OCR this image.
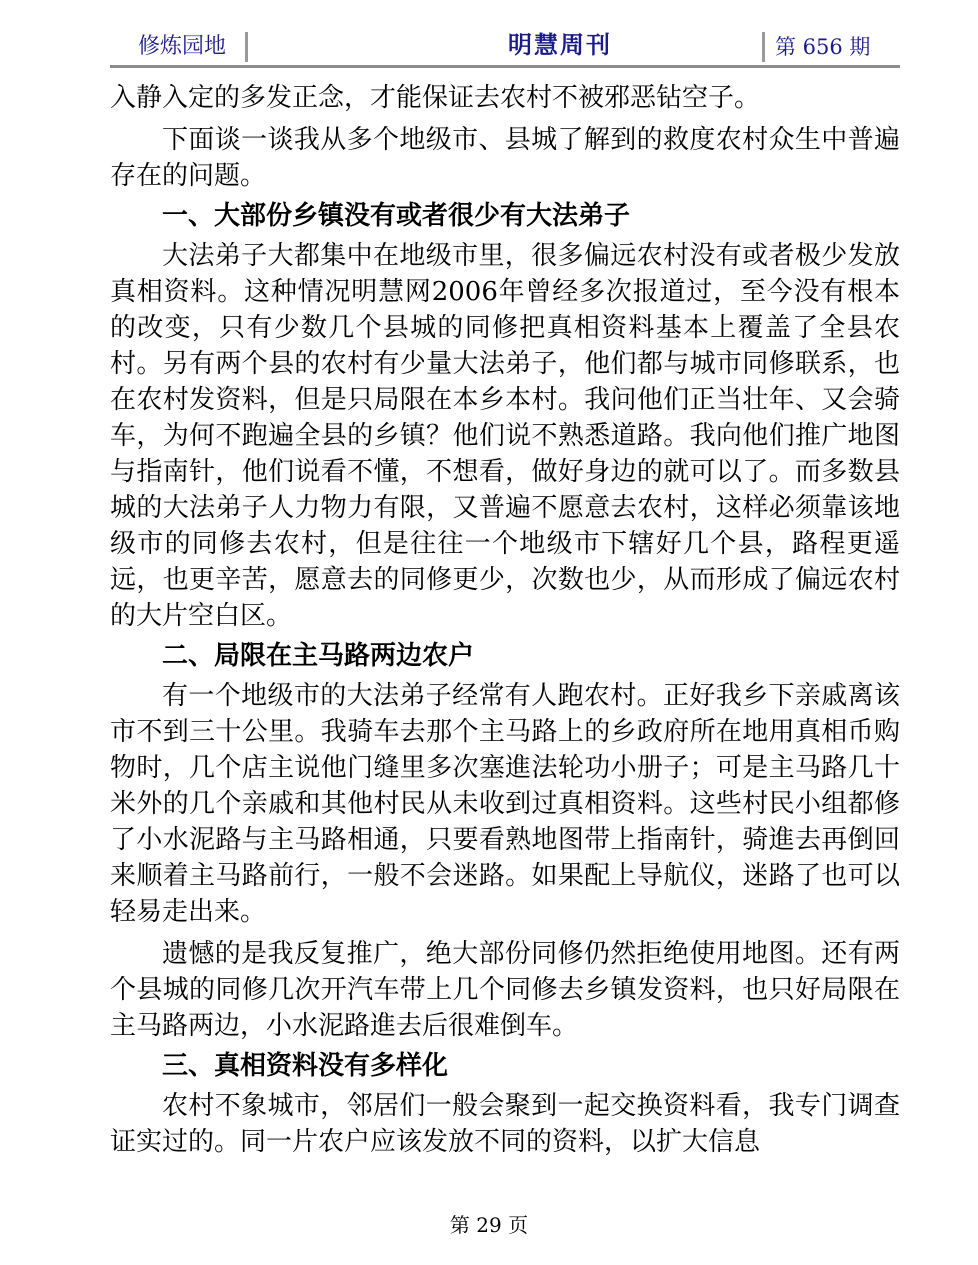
修炼园地	明慧周刊	第 656 期

入静入定的多发正念，才能保证去农村不被邪恶钻空子。

下面谈一谈我从多个地级市、县城了解到的救度农村众生中普遍存在的问题。

一、大部份乡镇没有或者很少有大法弟子

大法弟子大都集中在地级市里，很多偏远农村没有或者极少发放真相资料。这种情况明慧网2006年曾经多次报道过，至今没有根本的改变，只有少数几个县城的同修把真相资料基本上覆盖了全县农村。另有两个县的农村有少量大法弟子，他们都与城市同修联系，也在农村发资料，但是只局限在本乡本村。我问他们正当壮年、又会骑车，为何不跑遍全县的乡镇？他们说不熟悉道路。我向他们推广地图与指南针，他们说看不懂，不想看，做好身边的就可以了。而多数县城的大法弟子人力物力有限，又普遍不愿意去农村，这样必须靠该地级市的同修去农村，但是往往一个地级市下辖好几个县，路程更遥远，也更辛苦，愿意去的同修更少，次数也少，从而形成了偏远农村的大片空白区。

二、局限在主马路两边农户

有一个地级市的大法弟子经常有人跑农村。正好我乡下亲戚离该市不到三十公里。我骑车去那个主马路上的乡政府所在地用真相币购物时，几个店主说他门缝里多次塞進法轮功小册子；可是主马路几十米外的几个亲戚和其他村民从未收到过真相资料。这些村民小组都修了小水泥路与主马路相通，只要看熟地图带上指南针，骑進去再倒回来顺着主马路前行，一般不会迷路。如果配上导航仪，迷路了也可以轻易走出来。

遗憾的是我反复推广，绝大部份同修仍然拒绝使用地图。还有两个县城的同修几次开汽车带上几个同修去乡镇发资料，也只好局限在主马路两边，小水泥路進去后很难倒车。

三、真相资料没有多样化

农村不象城市，邻居们一般会聚到一起交换资料看，我专门调查证实过的。同一片农户应该发放不同的资料，以扩大信息

第 29 页
